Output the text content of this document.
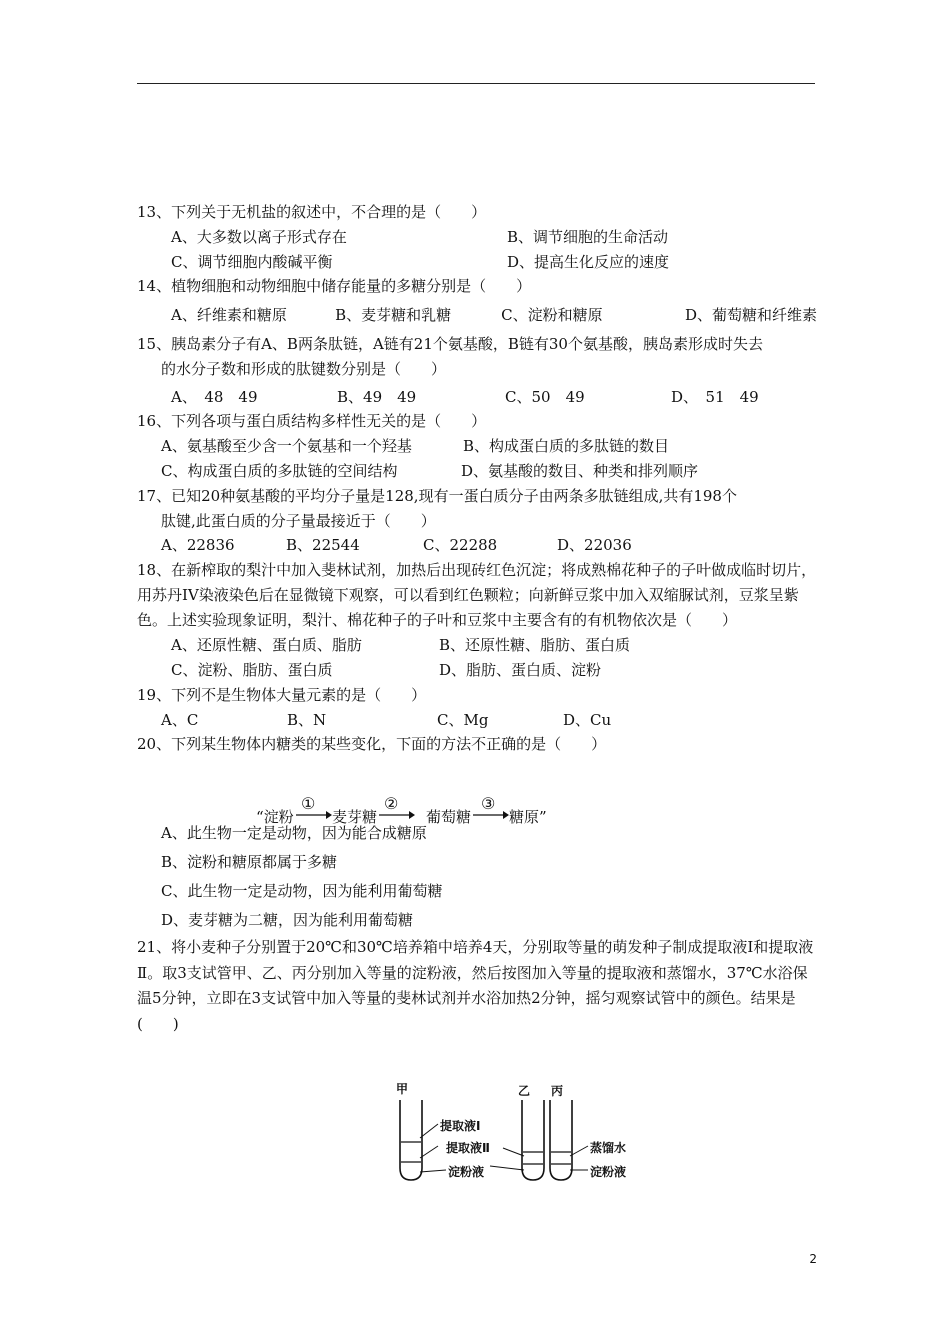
13、下列关于无机盐的叙述中，不合理的是（　　）
A、大多数以离子形式存在	B、调节细胞的生命活动
C、调节细胞内酸碱平衡	D、提高生化反应的速度
14、植物细胞和动物细胞中储存能量的多糖分别是（　　）
A、纤维素和糖原	B、麦芽糖和乳糖	C、淀粉和糖原	D、葡萄糖和纤维素
15、胰岛素分子有A、B两条肽链，A链有21个氨基酸，B链有30个氨基酸，胰岛素形成时失去
的水分子数和形成的肽键数分别是（　　）
A、　48　49	B、49　49	C、50　49	D、　51　49
16、下列各项与蛋白质结构多样性无关的是（　　）
A、氨基酸至少含一个氨基和一个羟基	B、构成蛋白质的多肽链的数目
C、构成蛋白质的多肽链的空间结构	D、氨基酸的数目、种类和排列顺序
17、已知20种氨基酸的平均分子量是128,现有一蛋白质分子由两条多肽链组成,共有198个
肽键,此蛋白质的分子量最接近于（　　）
A、22836	B、22544	C、22288	D、22036
18、在新榨取的梨汁中加入斐林试剂，加热后出现砖红色沉淀；将成熟棉花种子的子叶做成临时切片，用苏丹IV染液染色后在显微镜下观察，可以看到红色颗粒；向新鲜豆浆中加入双缩脲试剂，豆浆呈紫色。上述实验现象证明，梨汁、棉花种子的子叶和豆浆中主要含有的有机物依次是（　　）
A、还原性糖、蛋白质、脂肪	B、还原性糖、脂肪、蛋白质
C、淀粉、脂肪、蛋白质	D、脂肪、蛋白质、淀粉
19、下列不是生物体大量元素的是（　　）
A、C	B、N	C、Mg	D、Cu
20、下列某生物体内糖类的某些变化，下面的方法不正确的是（　　）
A、此生物一定是动物，因为能合成糖原
B、淀粉和糖原都属于多糖
C、此生物一定是动物，因为能利用葡萄糖
D、麦芽糖为二糖，因为能利用葡萄糖
21、将小麦种子分别置于20℃和30℃培养箱中培养4天，分别取等量的萌发种子制成提取液Ⅰ和提取液Ⅱ。取3支试管甲、乙、丙分别加入等量的淀粉液，然后按图加入等量的提取液和蒸馏水，37℃水浴保温5分钟，立即在3支试管中加入等量的斐林试剂并水浴加热2分钟，摇匀观察试管中的颜色。结果是(　　)
“淀粉
①
麦芽糖
②
葡萄糖
③
糖原”
甲	乙 丙
提取液Ⅰ
提取液Ⅱ
淀粉液
蒸馏水
淀粉液
2
